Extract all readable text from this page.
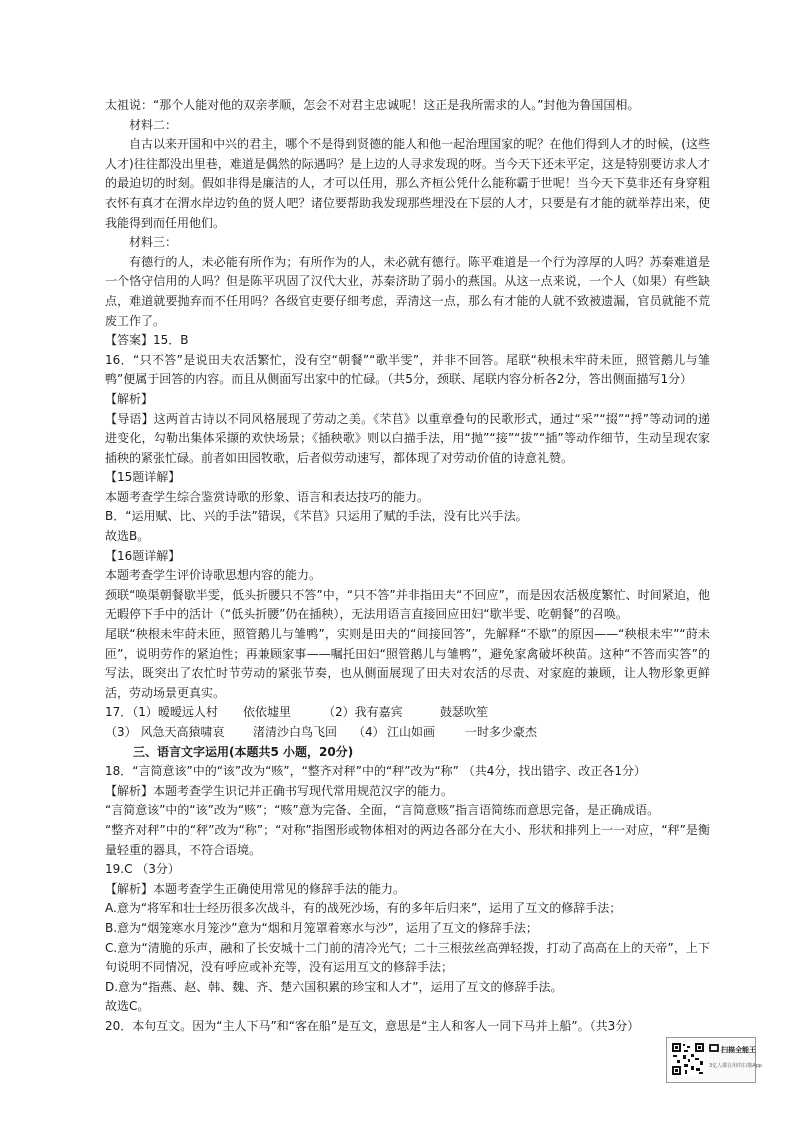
太祖说：“那个人能对他的双亲孝顺，怎会不对君主忠诚呢！这正是我所需求的人。”封他为鲁国国相。

材料二：

自古以来开国和中兴的君主，哪个不是得到贤德的能人和他一起治理国家的呢？在他们得到人才的时候，(这些人才)往往都没出里巷，难道是偶然的际遇吗？是上边的人寻求发现的呀。当今天下还未平定，这是特别要访求人才的最迫切的时刻。假如非得是廉洁的人，才可以任用，那么齐桓公凭什么能称霸于世呢！当今天下莫非还有身穿粗衣怀有真才在渭水岸边钓鱼的贤人吧？诸位要帮助我发现那些埋没在下层的人才，只要是有才能的就举荐出来，使我能得到而任用他们。

材料三：

有德行的人，未必能有所作为；有所作为的人，未必就有德行。陈平难道是一个行为淳厚的人吗？苏秦难道是一个恪守信用的人吗？但是陈平巩固了汉代大业，苏秦济助了弱小的燕国。从这一点来说，一个人（如果）有些缺点，难道就要抛弃而不任用吗？各级官吏要仔细考虑，弄清这一点，那么有才能的人就不致被遗漏，官员就能不荒废工作了。

【答案】15．B

16．“只不答”是说田夫农活繁忙，没有空“朝餐”“歌半雯”，并非不回答。尾联“秧根未牢莳未匝，照管鹅儿与雏鸭”便属于回答的内容。而且从侧面写出家中的忙碌。（共5分，颈联、尾联内容分析各2分，答出侧面描写1分）

【解析】

【导语】这两首古诗以不同风格展现了劳动之美。《芣苢》以重章叠句的民歌形式，通过“采”“掇”“捋”等动词的递进变化，勾勒出集体采撷的欢快场景；《插秧歌》则以白描手法，用“抛”“接”“拔”“插”等动作细节，生动呈现农家插秧的紧张忙碌。前者如田园牧歌，后者似劳动速写，都体现了对劳动价值的诗意礼赞。

【15题详解】

本题考查学生综合鉴赏诗歌的形象、语言和表达技巧的能力。

B．“运用赋、比、兴的手法”错误，《芣苢》只运用了赋的手法，没有比兴手法。

故选B。

【16题详解】

本题考查学生评价诗歌思想内容的能力。

颈联“唤渠朝餐歇半雯，低头折腰只不答”中，“只不答”并非指田夫“不回应”，而是因农活极度繁忙、时间紧迫，他无暇停下手中的活计（“低头折腰”仍在插秧），无法用语言直接回应田妇“歇半雯、吃朝餐”的召唤。

尾联“秧根未牢莳未匝，照管鹅儿与雏鸭”，实则是田夫的“间接回答”，先解释“不歇”的原因——“秧根未牢”“莳未匝”，说明劳作的紧迫性；再兼顾家事——嘱托田妇“照管鹅儿与雏鸭”，避免家禽破坏秧苗。这种“不答而实答”的写法，既突出了农忙时节劳动的紧张节奏，也从侧面展现了田夫对农活的尽责、对家庭的兼顾，让人物形象更鲜活，劳动场景更真实。

17．（1）暧暧远人村 依依墟里	（2）我有嘉宾	鼓瑟吹笙
（3） 风急天高猿啸哀 渚清沙白鸟飞回 （4） 江山如画 一时多少豪杰

三、语言文字运用(本题共5 小题，20分)

18．“言简意该”中的“该”改为“赅”，“整齐对秤”中的“秤”改为“称” （共4分，找出错字、改正各1分）

【解析】本题考查学生识记并正确书写现代常用规范汉字的能力。

“言简意该”中的“该”改为“赅”；“赅”意为完备、全面，“言简意赅”指言语简练而意思完备，是正确成语。

“整齐对秤”中的“秤”改为“称”；“对称”指图形或物体相对的两边各部分在大小、形状和排列上一一对应，“秤”是衡量轻重的器具，不符合语境。

19.C （3分）

【解析】本题考查学生正确使用常见的修辞手法的能力。

A.意为“将军和壮士经历很多次战斗，有的战死沙场，有的多年后归来”，运用了互文的修辞手法；

B.意为“烟笼寒水月笼沙”意为“烟和月笼罩着寒水与沙”，运用了互文的修辞手法；

C.意为“清脆的乐声，融和了长安城十二门前的清冷光气；二十三根弦丝高弹轻拨，打动了高高在上的天帝”，上下句说明不同情况，没有呼应或补充等，没有运用互文的修辞手法；

D.意为“指燕、赵、韩、魏、齐、楚六国积累的珍宝和人才”，运用了互文的修辞手法。

故选C。

20．本句互文。因为“主人下马”和“客在船”是互文，意思是“主人和客人一同下马并上船”。（共3分）

扫描全能王
3亿人都在用的扫描App
